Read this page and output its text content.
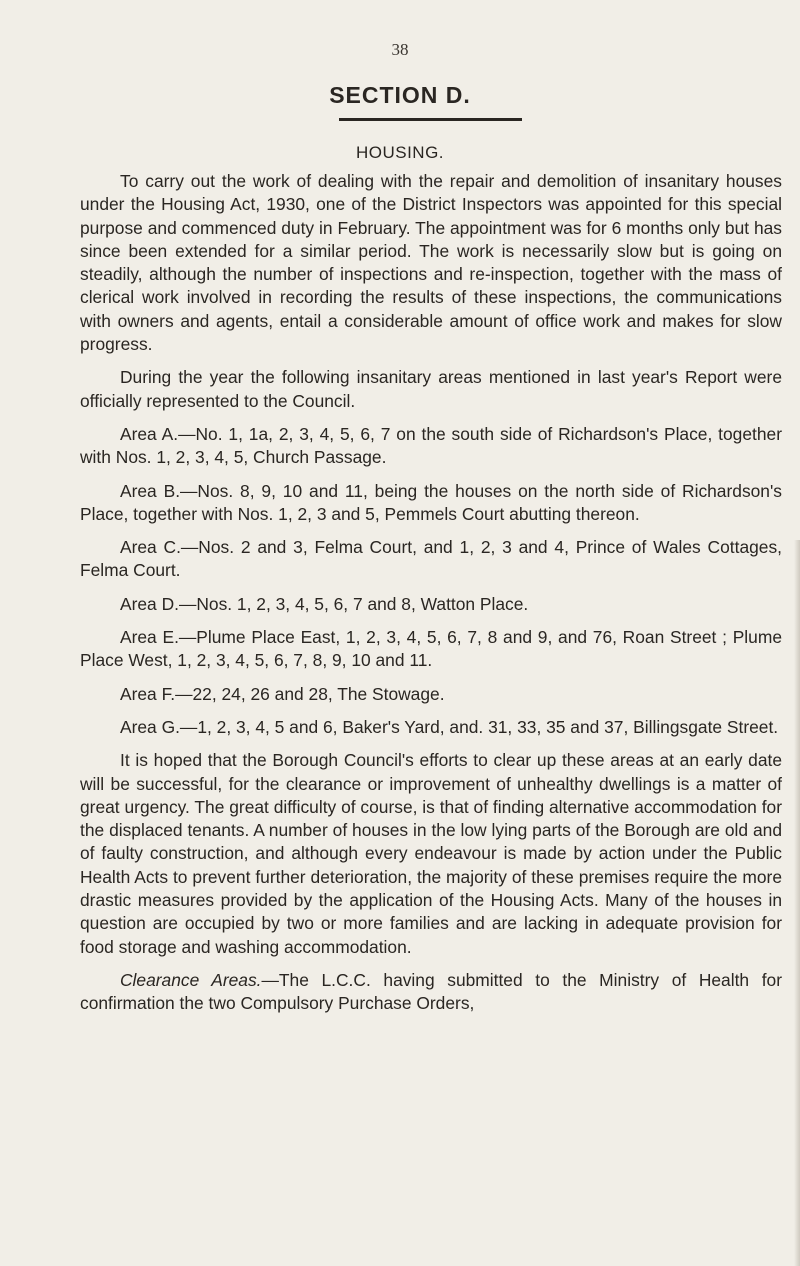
38
SECTION D.
HOUSING.

To carry out the work of dealing with the repair and demolition of insanitary houses under the Housing Act, 1930, one of the District Inspectors was appointed for this special purpose and commenced duty in February. The appointment was for 6 months only but has since been extended for a similar period. The work is necessarily slow but is going on steadily, although the number of inspections and re-inspection, together with the mass of clerical work involved in recording the results of these inspections, the communications with owners and agents, entail a considerable amount of office work and makes for slow progress.

During the year the following insanitary areas mentioned in last year's Report were officially represented to the Council.

Area A.—No. 1, 1a, 2, 3, 4, 5, 6, 7 on the south side of Richardson's Place, together with Nos. 1, 2, 3, 4, 5, Church Passage.

Area B.—Nos. 8, 9, 10 and 11, being the houses on the north side of Richardson's Place, together with Nos. 1, 2, 3 and 5, Pemmels Court abutting thereon.

Area C.—Nos. 2 and 3, Felma Court, and 1, 2, 3 and 4, Prince of Wales Cottages, Felma Court.

Area D.—Nos. 1, 2, 3, 4, 5, 6, 7 and 8, Watton Place.

Area E.—Plume Place East, 1, 2, 3, 4, 5, 6, 7, 8 and 9, and 76, Roan Street ; Plume Place West, 1, 2, 3, 4, 5, 6, 7, 8, 9, 10 and 11.

Area F.—22, 24, 26 and 28, The Stowage.

Area G.—1, 2, 3, 4, 5 and 6, Baker's Yard, and. 31, 33, 35 and 37, Billingsgate Street.

It is hoped that the Borough Council's efforts to clear up these areas at an early date will be successful, for the clearance or improvement of unhealthy dwellings is a matter of great urgency. The great difficulty of course, is that of finding alternative accommodation for the displaced tenants. A number of houses in the low lying parts of the Borough are old and of faulty construction, and although every endeavour is made by action under the Public Health Acts to prevent further deterioration, the majority of these premises require the more drastic measures provided by the application of the Housing Acts. Many of the houses in question are occupied by two or more families and are lacking in adequate provision for food storage and washing accommodation.

Clearance Areas.—The L.C.C. having submitted to the Ministry of Health for confirmation the two Compulsory Purchase Orders,
